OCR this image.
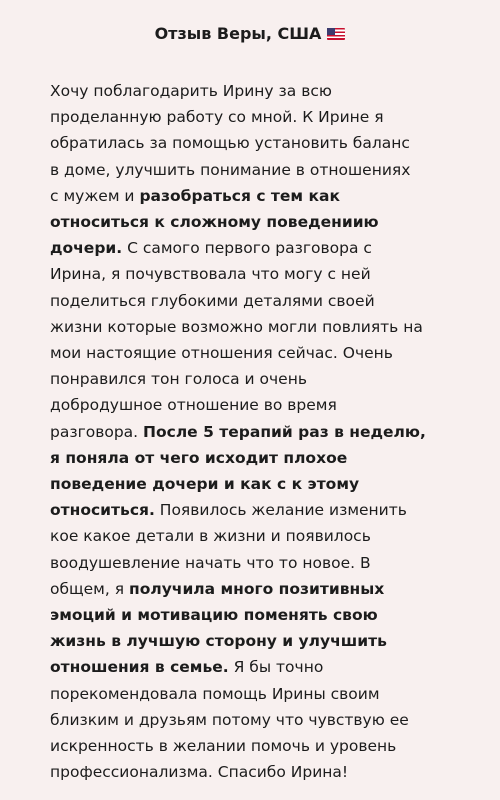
Отзыв Веры, США

Хочу поблагодарить Ирину за всю
проделанную работу со мной. К Ирине я
обратилась за помощью установить баланс
в доме, улучшить понимание в отношениях
с мужем и разобраться с тем как
относиться к сложному поведениию
дочери. С самого первого разговора с
Ирина, я почувствовала что могу с ней
поделиться глубокими деталями своей
жизни которые возможно могли повлиять на
мои настоящие отношения сейчас. Очень
понравился тон голоса и очень
добродушное отношение во время
разговора. После 5 терапий раз в неделю,
я поняла от чего исходит плохое
поведение дочери и как с к этому
относиться. Появилось желание изменить
кое какое детали в жизни и появилось
воодушевление начать что то новое. В
общем, я получила много позитивных
эмоций и мотивацию поменять свою
жизнь в лучшую сторону и улучшить
отношения в семье. Я бы точно
порекомендовала помощь Ирины своим
близким и друзьям потому что чувствую ее
искренность в желании помочь и уровень
профессионализма. Спасибо Ирина!
